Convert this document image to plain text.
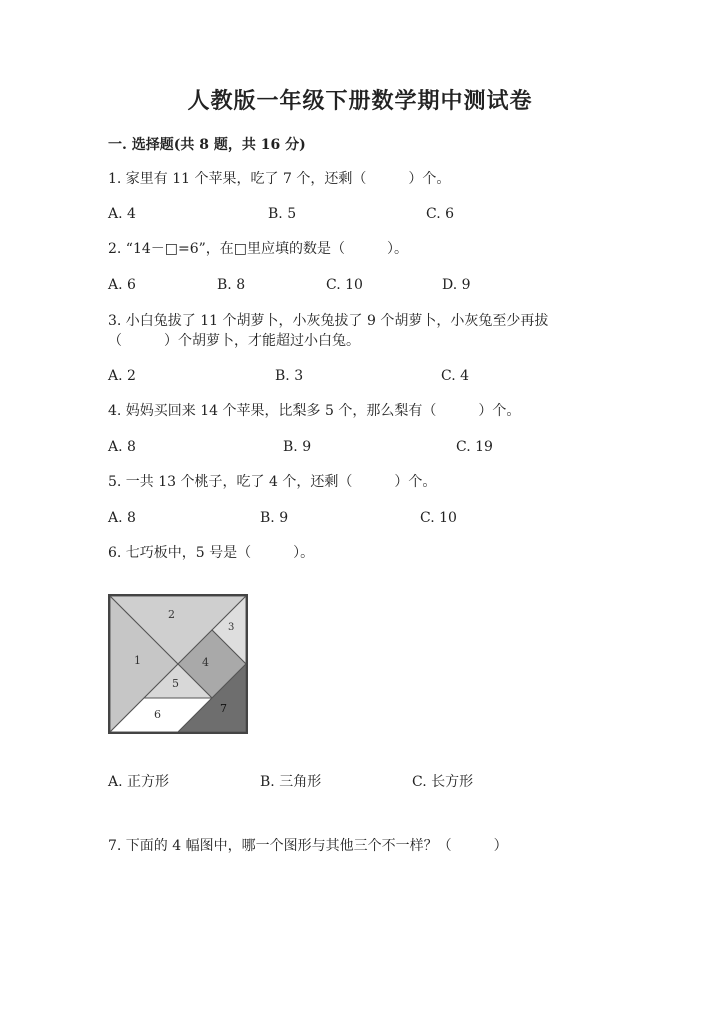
人教版一年级下册数学期中测试卷
一. 选择题(共 8 题，共 16 分)
1. 家里有 11 个苹果，吃了 7 个，还剩（　　　）个。
A. 4	B. 5	C. 6
2. “14－□=6”，在□里应填的数是（　　　）。
A. 6	B. 8	C. 10	D. 9
3. 小白兔拔了 11 个胡萝卜，小灰兔拔了 9 个胡萝卜，小灰兔至少再拔
（　　　）个胡萝卜，才能超过小白兔。
A. 2	B. 3	C. 4
4. 妈妈买回来 14 个苹果，比梨多 5 个，那么梨有（　　　）个。
A. 8	B. 9	C. 19
5. 一共 13 个桃子，吃了 4 个，还剩（　　　）个。
A. 8	B. 9	C. 10
6. 七巧板中，5 号是（　　　）。
1
2
3
4
5
6	7
A. 正方形	B. 三角形	C. 长方形
7. 下面的 4 幅图中，哪一个图形与其他三个不一样？（　　　）
